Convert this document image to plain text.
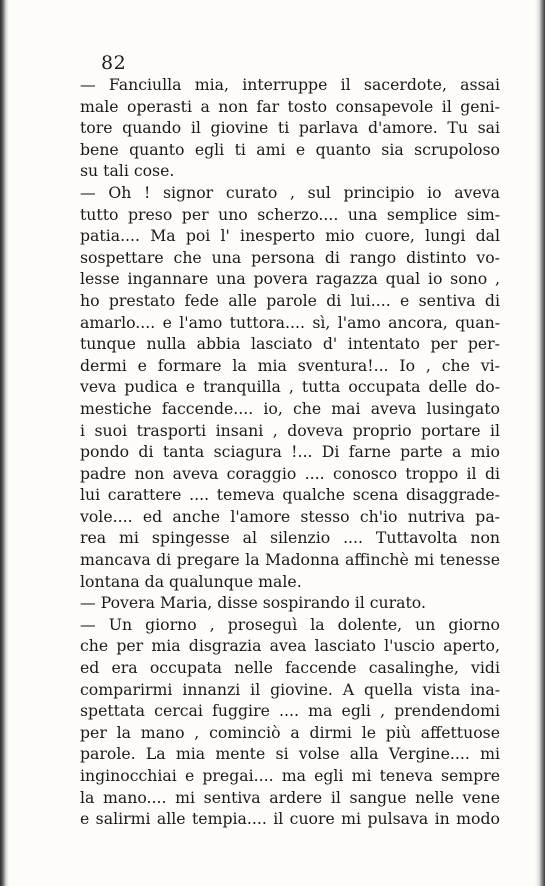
82
— Fanciulla mia, interruppe il sacerdote, assai
male operasti a non far tosto consapevole il geni-
tore quando il giovine ti parlava d'amore. Tu sai
bene quanto egli ti ami e quanto sia scrupoloso
su tali cose.
— Oh ! signor curato , sul principio io aveva
tutto preso per uno scherzo.... una semplice sim-
patia.... Ma poi l' inesperto mio cuore, lungi dal
sospettare che una persona di rango distinto vo-
lesse ingannare una povera ragazza qual io sono ,
ho prestato fede alle parole di lui.... e sentiva di
amarlo.... e l'amo tuttora.... sì, l'amo ancora, quan-
tunque nulla abbia lasciato d' intentato per per-
dermi e formare la mia sventura!... Io , che vi-
veva pudica e tranquilla , tutta occupata delle do-
mestiche faccende.... io, che mai aveva lusingato
i suoi trasporti insani , doveva proprio portare il
pondo di tanta sciagura !... Di farne parte a mio
padre non aveva coraggio .... conosco troppo il di
lui carattere .... temeva qualche scena disaggrade-
vole.... ed anche l'amore stesso ch'io nutriva pa-
rea mi spingesse al silenzio .... Tuttavolta non
mancava di pregare la Madonna affinchè mi tenesse
lontana da qualunque male.
— Povera Maria, disse sospirando il curato.
— Un giorno , proseguì la dolente, un giorno
che per mia disgrazia avea lasciato l'uscio aperto,
ed era occupata nelle faccende casalinghe, vidi
comparirmi innanzi il giovine. A quella vista ina-
spettata cercai fuggire .... ma egli , prendendomi
per la mano , cominciò a dirmi le più affettuose
parole. La mia mente si volse alla Vergine.... mi
inginocchiai e pregai.... ma egli mi teneva sempre
la mano.... mi sentiva ardere il sangue nelle vene
e salirmi alle tempia.... il cuore mi pulsava in modo
